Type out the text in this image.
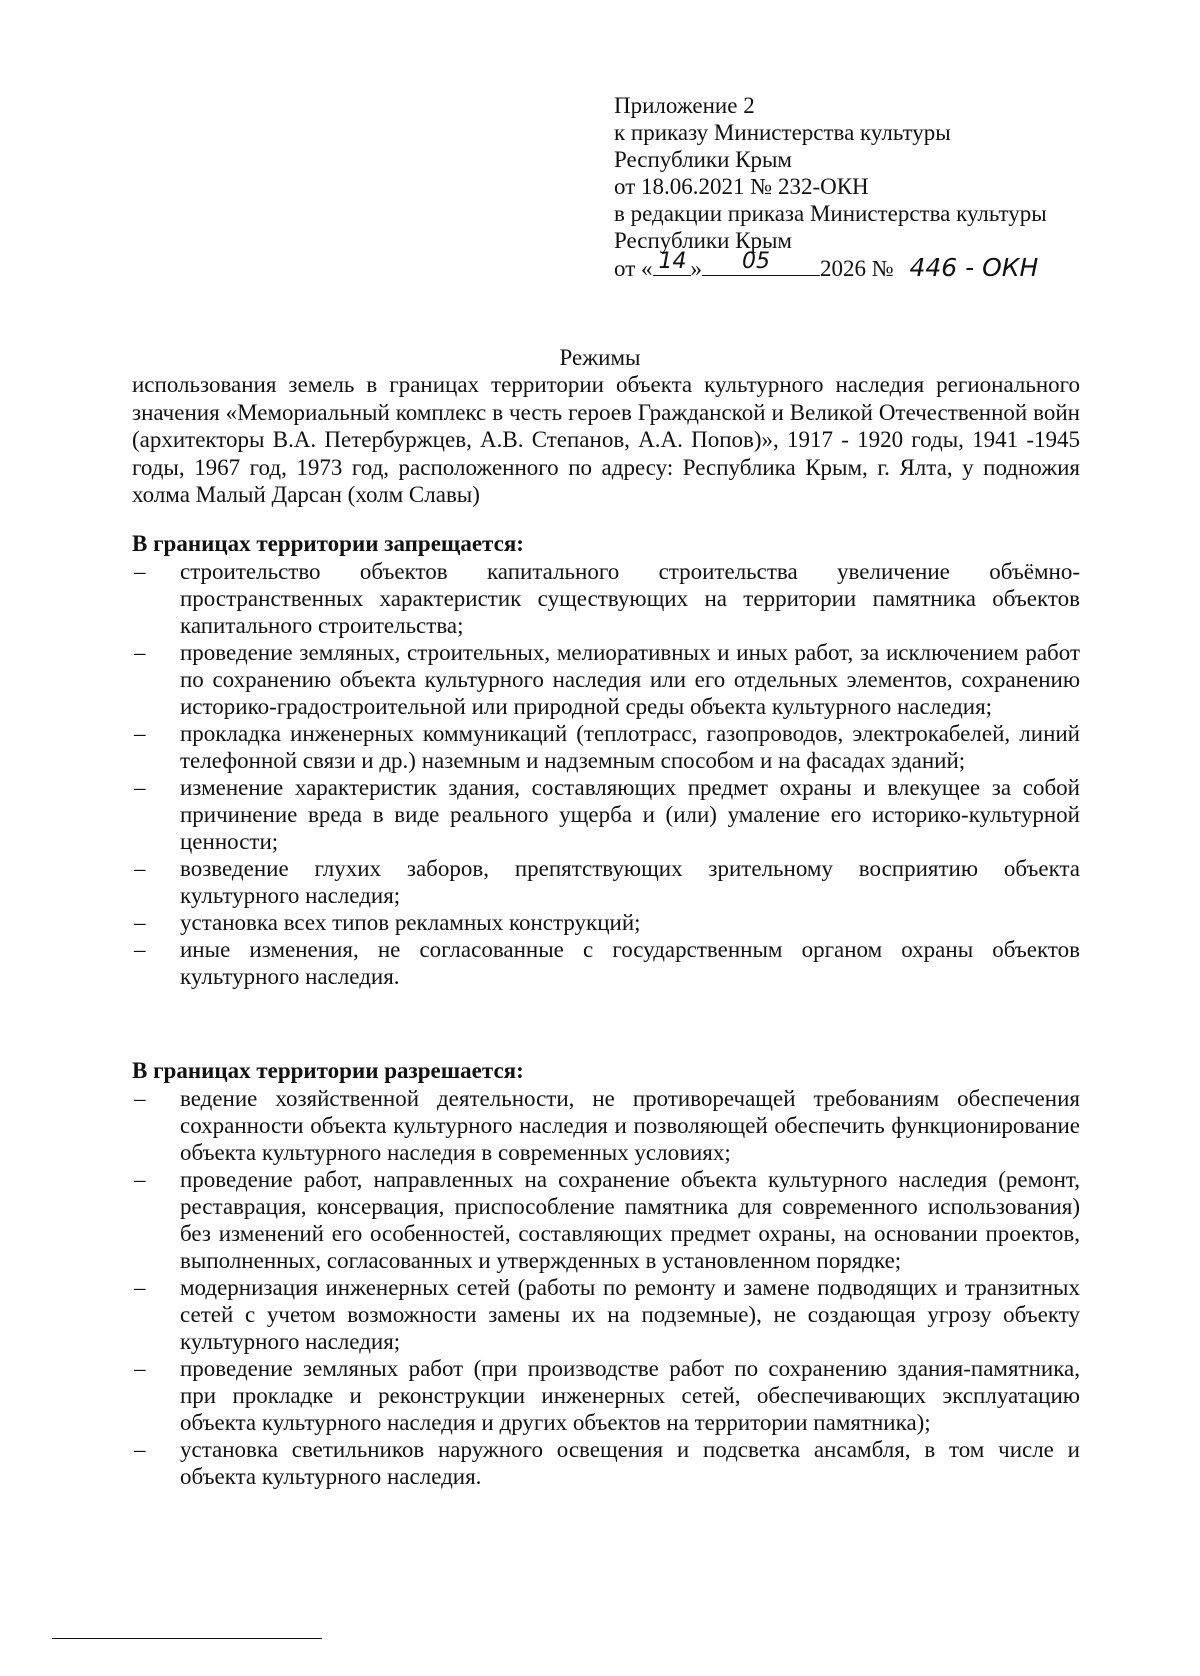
Приложение 2
к приказу Министерства культуры
Республики Крым
от 18.06.2021 № 232-ОКН
в редакции приказа Министерства культуры
Республики Крым
от « 14 » 05 2026 № 446 - ОКН
Режимы
использования земель в границах территории объекта культурного наследия регионального значения «Мемориальный комплекс в честь героев Гражданской и Великой Отечественной войн (архитекторы В.А. Петербуржцев, А.В. Степанов, А.А. Попов)», 1917 - 1920 годы, 1941 -1945 годы, 1967 год, 1973 год, расположенного по адресу: Республика Крым, г. Ялта, у подножия холма Малый Дарсан (холм Славы)
В границах территории запрещается:
– строительство объектов капитального строительства увеличение объёмно-пространственных характеристик существующих на территории памятника объектов капитального строительства;
– проведение земляных, строительных, мелиоративных и иных работ, за исключением работ по сохранению объекта культурного наследия или его отдельных элементов, сохранению историко-градостроительной или природной среды объекта культурного наследия;
– прокладка инженерных коммуникаций (теплотрасс, газопроводов, электрокабелей, линий телефонной связи и др.) наземным и надземным способом и на фасадах зданий;
– изменение характеристик здания, составляющих предмет охраны и влекущее за собой причинение вреда в виде реального ущерба и (или) умаление его историко-культурной ценности;
– возведение глухих заборов, препятствующих зрительному восприятию объекта культурного наследия;
– установка всех типов рекламных конструкций;
– иные изменения, не согласованные с государственным органом охраны объектов культурного наследия.
В границах территории разрешается:
– ведение хозяйственной деятельности, не противоречащей требованиям обеспечения сохранности объекта культурного наследия и позволяющей обеспечить функционирование объекта культурного наследия в современных условиях;
– проведение работ, направленных на сохранение объекта культурного наследия (ремонт, реставрация, консервация, приспособление памятника для современного использования) без изменений его особенностей, составляющих предмет охраны, на основании проектов, выполненных, согласованных и утвержденных в установленном порядке;
– модернизация инженерных сетей (работы по ремонту и замене подводящих и транзитных сетей с учетом возможности замены их на подземные), не создающая угрозу объекту культурного наследия;
– проведение земляных работ (при производстве работ по сохранению здания-памятника, при прокладке и реконструкции инженерных сетей, обеспечивающих эксплуатацию объекта культурного наследия и других объектов на территории памятника);
– установка светильников наружного освещения и подсветка ансамбля, в том числе и объекта культурного наследия.
